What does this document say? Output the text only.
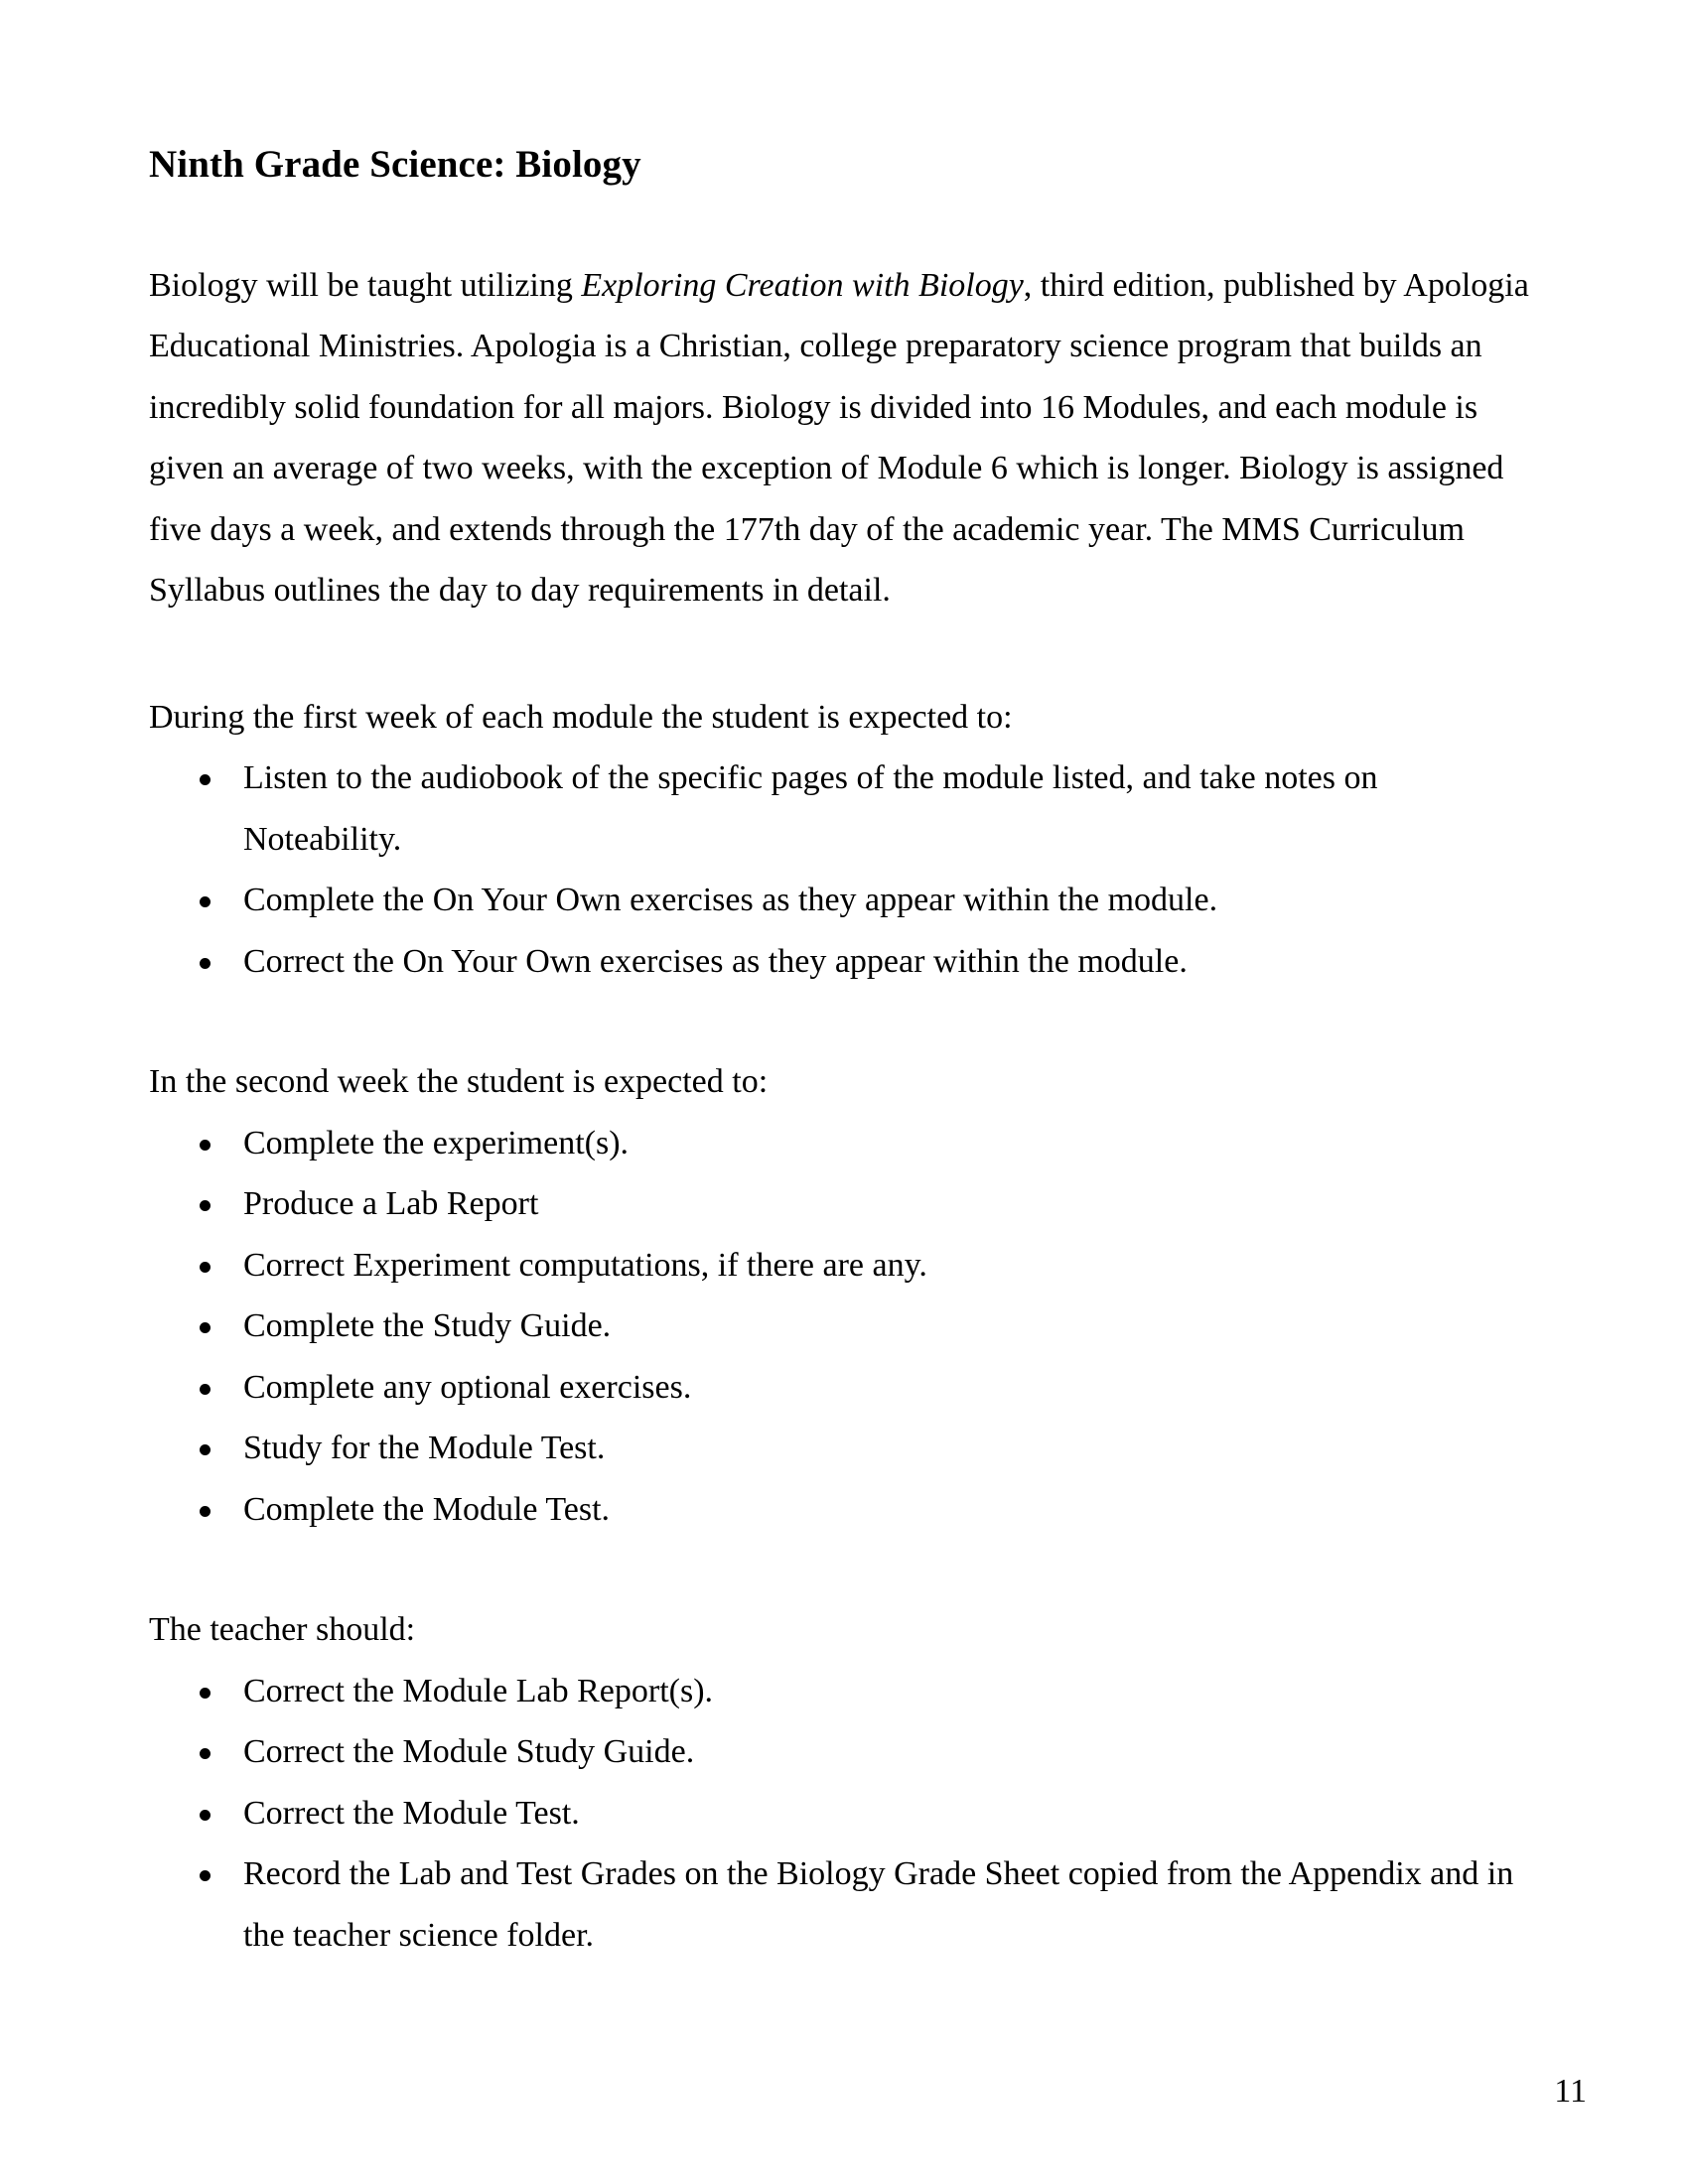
Ninth Grade Science: Biology

Biology will be taught utilizing Exploring Creation with Biology, third edition, published by Apologia Educational Ministries. Apologia is a Christian, college preparatory science program that builds an incredibly solid foundation for all majors. Biology is divided into 16 Modules, and each module is given an average of two weeks, with the exception of Module 6 which is longer. Biology is assigned five days a week, and extends through the 177th day of the academic year. The MMS Curriculum Syllabus outlines the day to day requirements in detail.

During the first week of each module the student is expected to:

Listen to the audiobook of the specific pages of the module listed, and take notes on Noteability.
Complete the On Your Own exercises as they appear within the module.
Correct the On Your Own exercises as they appear within the module.

In the second week the student is expected to:

Complete the experiment(s).
Produce a Lab Report
Correct Experiment computations, if there are any.
Complete the Study Guide.
Complete any optional exercises.
Study for the Module Test.
Complete the Module Test.

The teacher should:

Correct the Module Lab Report(s).
Correct the Module Study Guide.
Correct the Module Test.
Record the Lab and Test Grades on the Biology Grade Sheet copied from the Appendix and in the teacher science folder.
11
